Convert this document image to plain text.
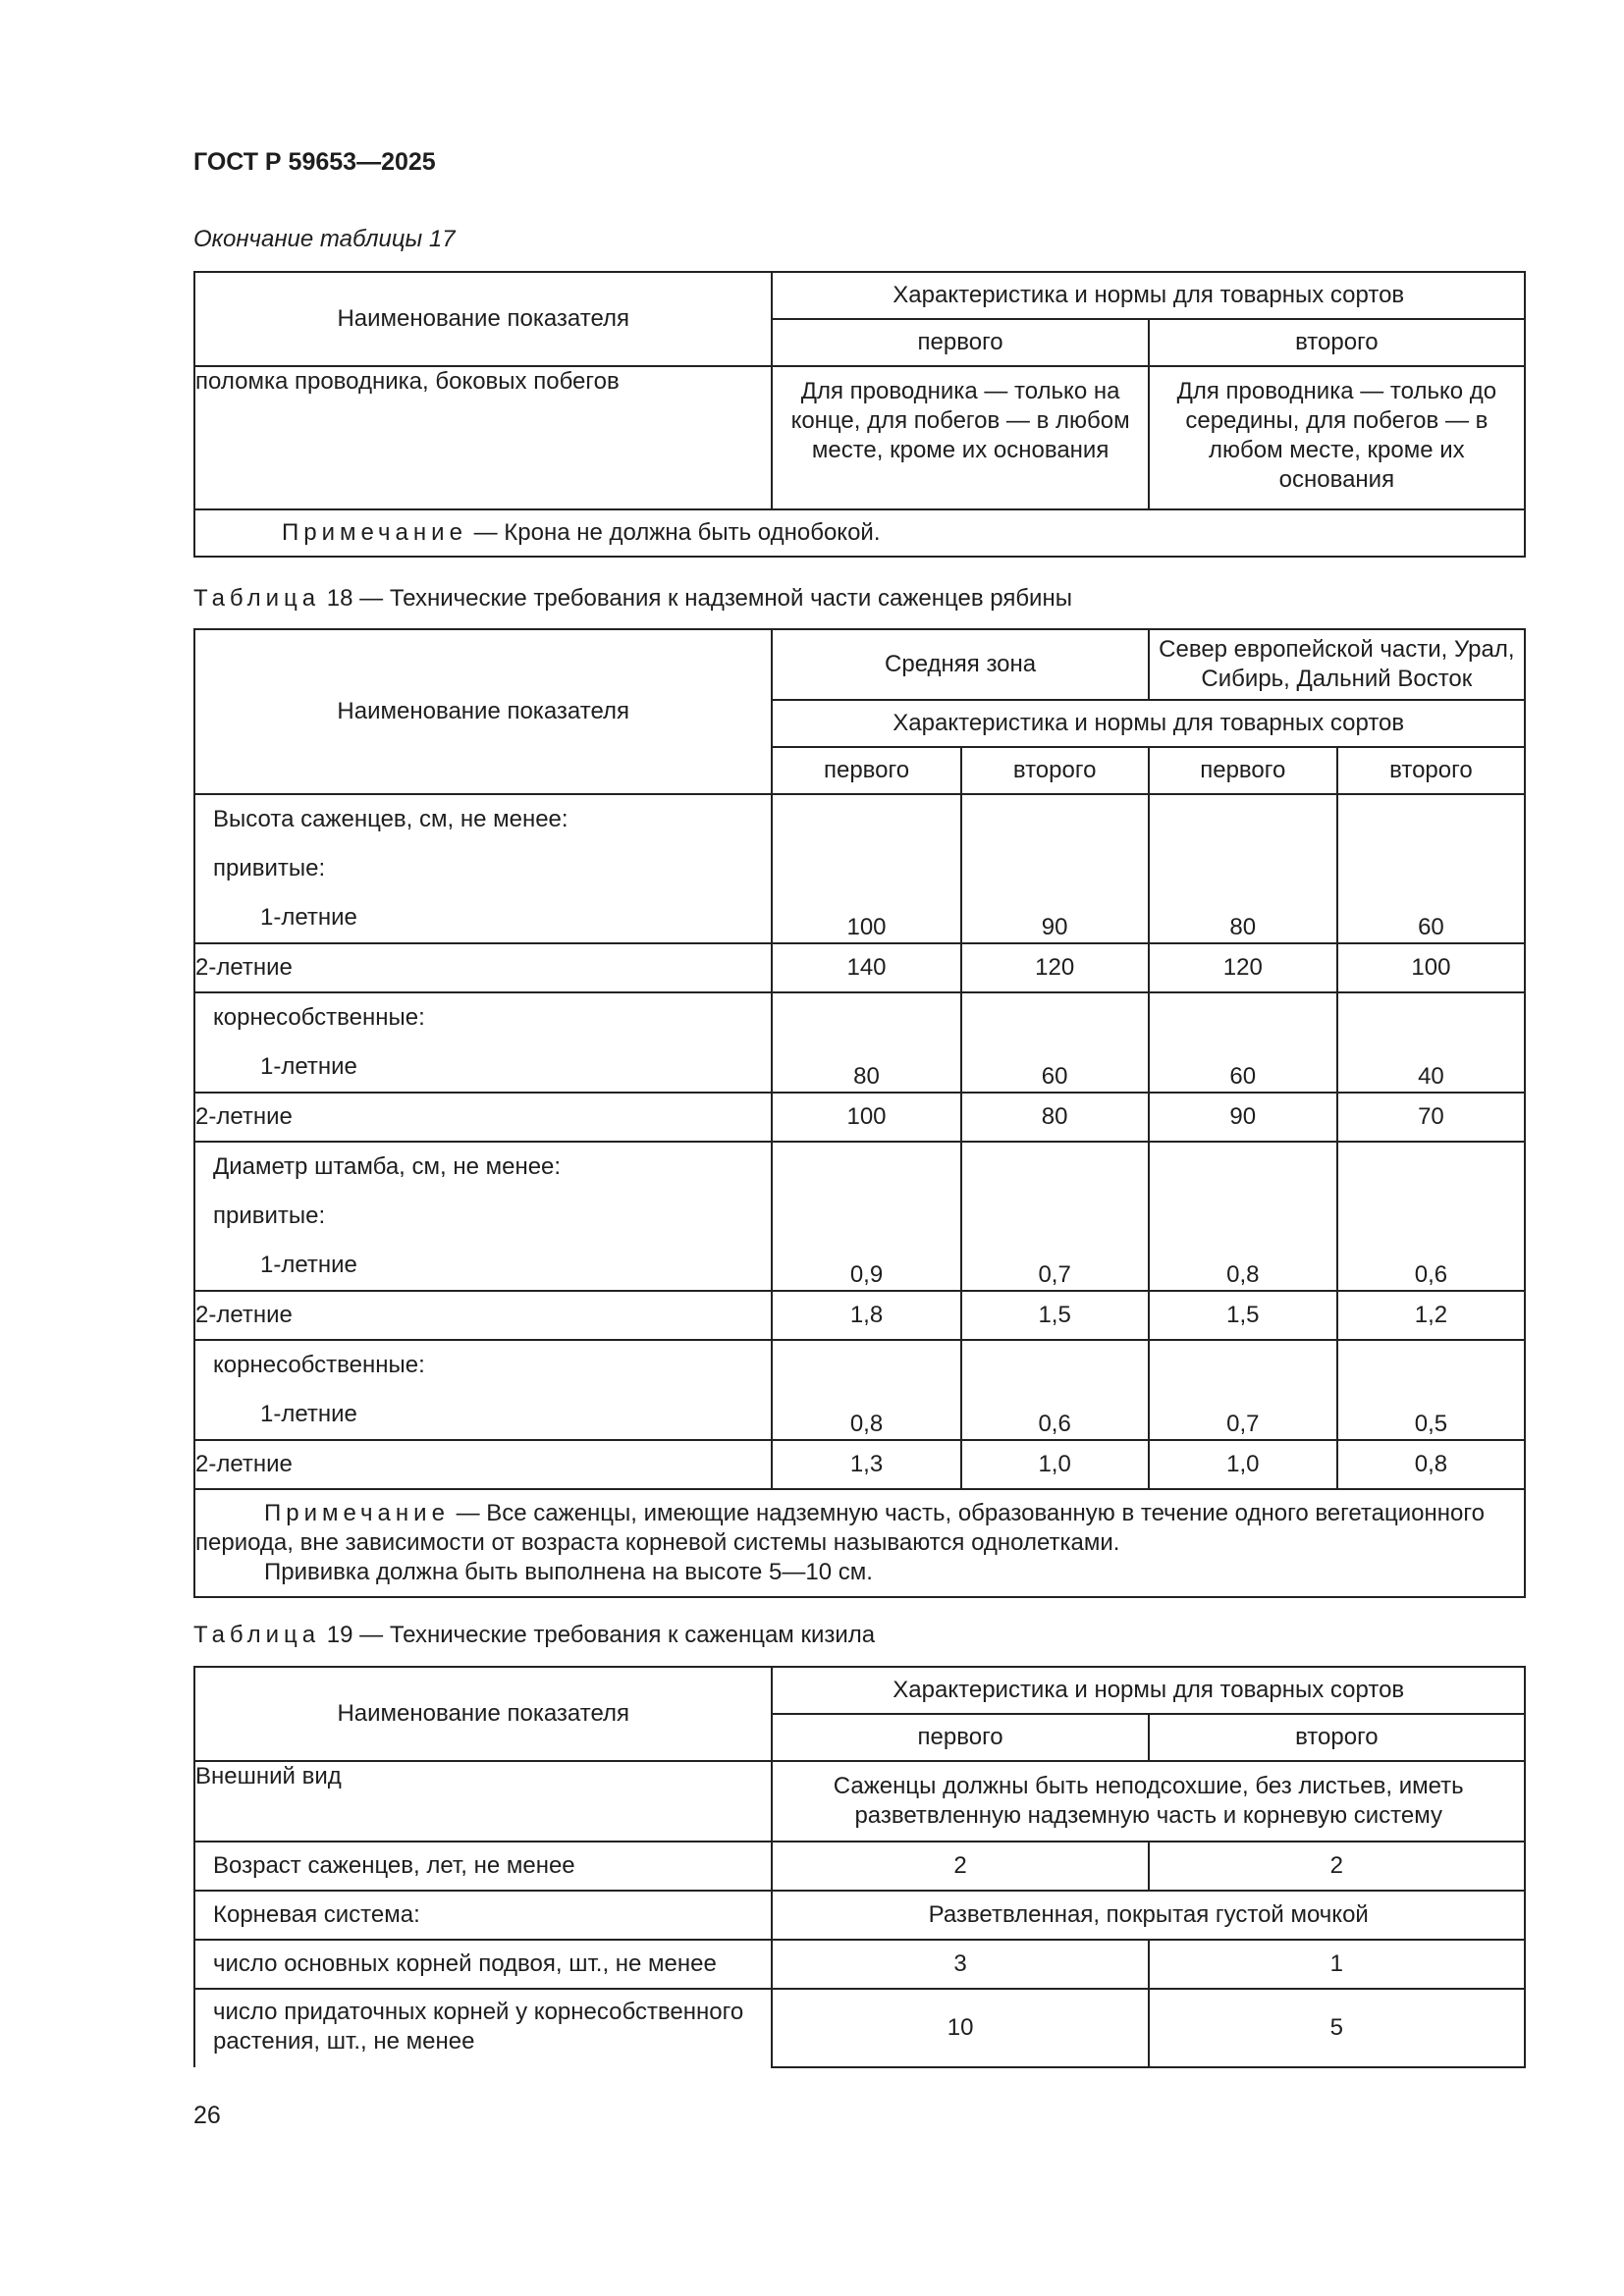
ГОСТ Р 59653—2025

Окончание таблицы 17

Наименование показателя	Характеристика и нормы для товарных сортов	
	первого	второго
поломка проводника, боковых побегов	Для проводника — только на конце, для побегов — в любом месте, кроме их основания	Для проводника — только до середины, для побегов — в любом месте, кроме их основания
Примечание — Крона не должна быть однобокой.		

Таблица 18 — Технические требования к надземной части саженцев рябины

Наименование показателя	Средняя зона		Север европейской части, Урал, Сибирь, Дальний Восток	
	Характеристика и нормы для товарных сортов			
	первого	второго	первого	второго

Высота саженцев, см, не менее:
привитые:
1-летние	100	90	80	60
2-летние	140	120	120	100

корнесобственные:
1-летние	80	60	60	40
2-летние	100	80	90	70

Диаметр штамба, см, не менее:
привитые:
1-летние	0,9	0,7	0,8	0,6
2-летние	1,8	1,5	1,5	1,2

корнесобственные:
1-летние	0,8	0,6	0,7	0,5
2-летние	1,3	1,0	1,0	0,8

Примечание — Все саженцы, имеющие надземную часть, образованную в течение одного вегетационного периода, вне зависимости от возраста корневой системы называются однолетками.
Прививка должна быть выполнена на высоте 5—10 см.				

Таблица 19 — Технические требования к саженцам кизила

Наименование показателя	Характеристика и нормы для товарных сортов	
	первого	второго
Внешний вид	Саженцы должны быть неподсохшие, без листьев, иметь разветвленную надземную часть и корневую систему	
Возраст саженцев, лет, не менее	2	2
Корневая система:	Разветвленная, покрытая густой мочкой	
число основных корней подвоя, шт., не менее	3	1
число придаточных корней у корнесобственного растения, шт., не менее	10	5

26
